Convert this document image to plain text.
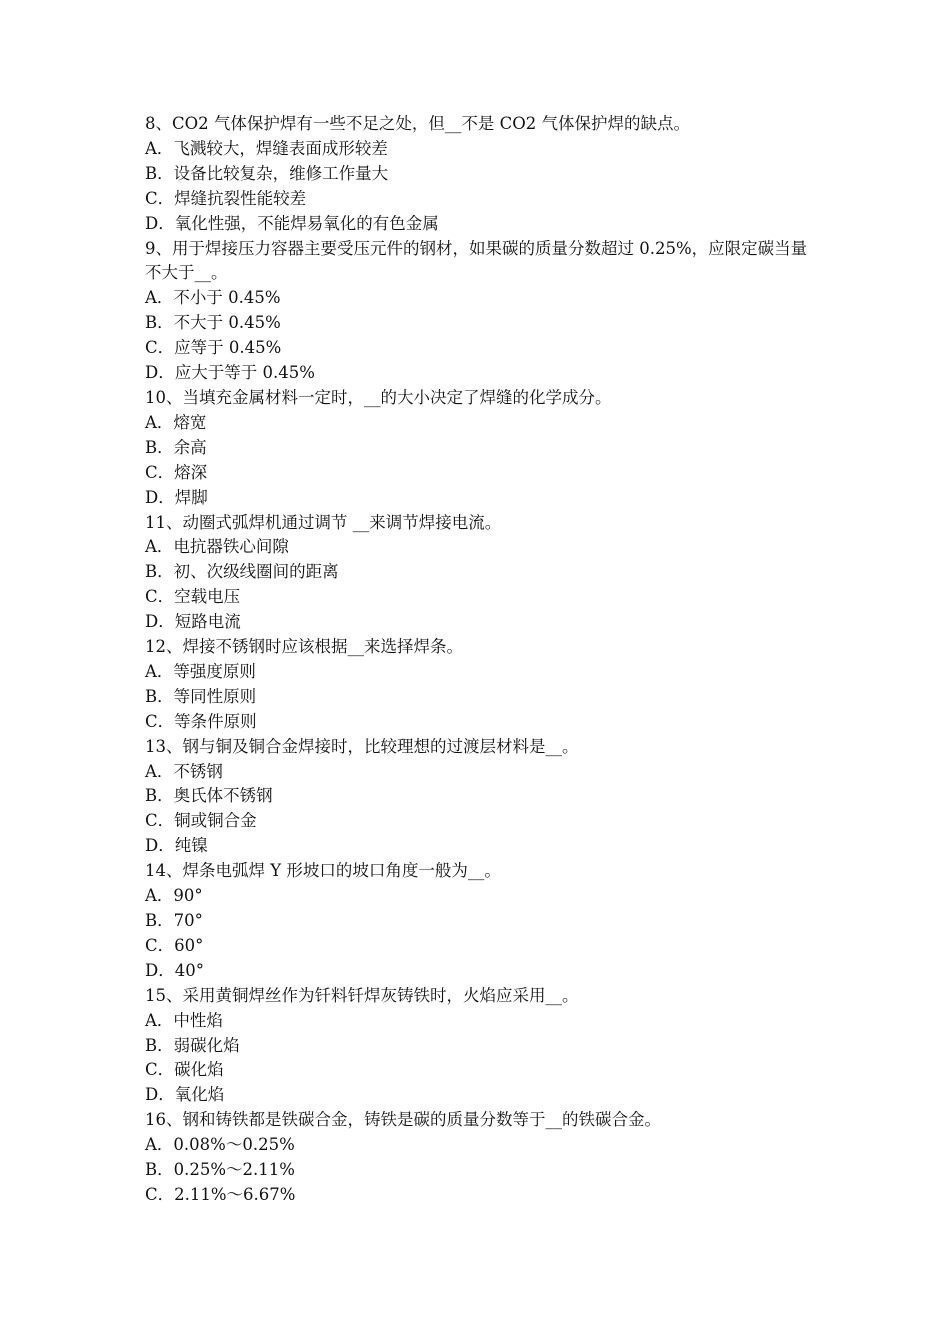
8、CO2 气体保护焊有一些不足之处，但__不是 CO2 气体保护焊的缺点。

A．飞溅较大，焊缝表面成形较差

B．设备比较复杂，维修工作量大

C．焊缝抗裂性能较差

D．氧化性强，不能焊易氧化的有色金属

9、用于焊接压力容器主要受压元件的钢材，如果碳的质量分数超过 0.25%，应限定碳当量不大于__。

A．不小于 0.45%

B．不大于 0.45%

C．应等于 0.45%

D．应大于等于 0.45%

10、当填充金属材料一定时，__的大小决定了焊缝的化学成分。

A．熔宽

B．余高

C．熔深

D．焊脚

11、动圈式弧焊机通过调节 __来调节焊接电流。

A．电抗器铁心间隙

B．初、次级线圈间的距离

C．空载电压

D．短路电流

12、焊接不锈钢时应该根据__来选择焊条。

A．等强度原则

B．等同性原则

C．等条件原则

13、钢与铜及铜合金焊接时，比较理想的过渡层材料是__。

A．不锈钢

B．奥氏体不锈钢

C．铜或铜合金

D．纯镍

14、焊条电弧焊 Y 形坡口的坡口角度一般为__。

A．90°

B．70°

C．60°

D．40°

15、采用黄铜焊丝作为钎料钎焊灰铸铁时，火焰应采用__。

A．中性焰

B．弱碳化焰

C．碳化焰

D．氧化焰

16、钢和铸铁都是铁碳合金，铸铁是碳的质量分数等于__的铁碳合金。

A．0.08%～0.25%

B．0.25%～2.11%

C．2.11%～6.67%
